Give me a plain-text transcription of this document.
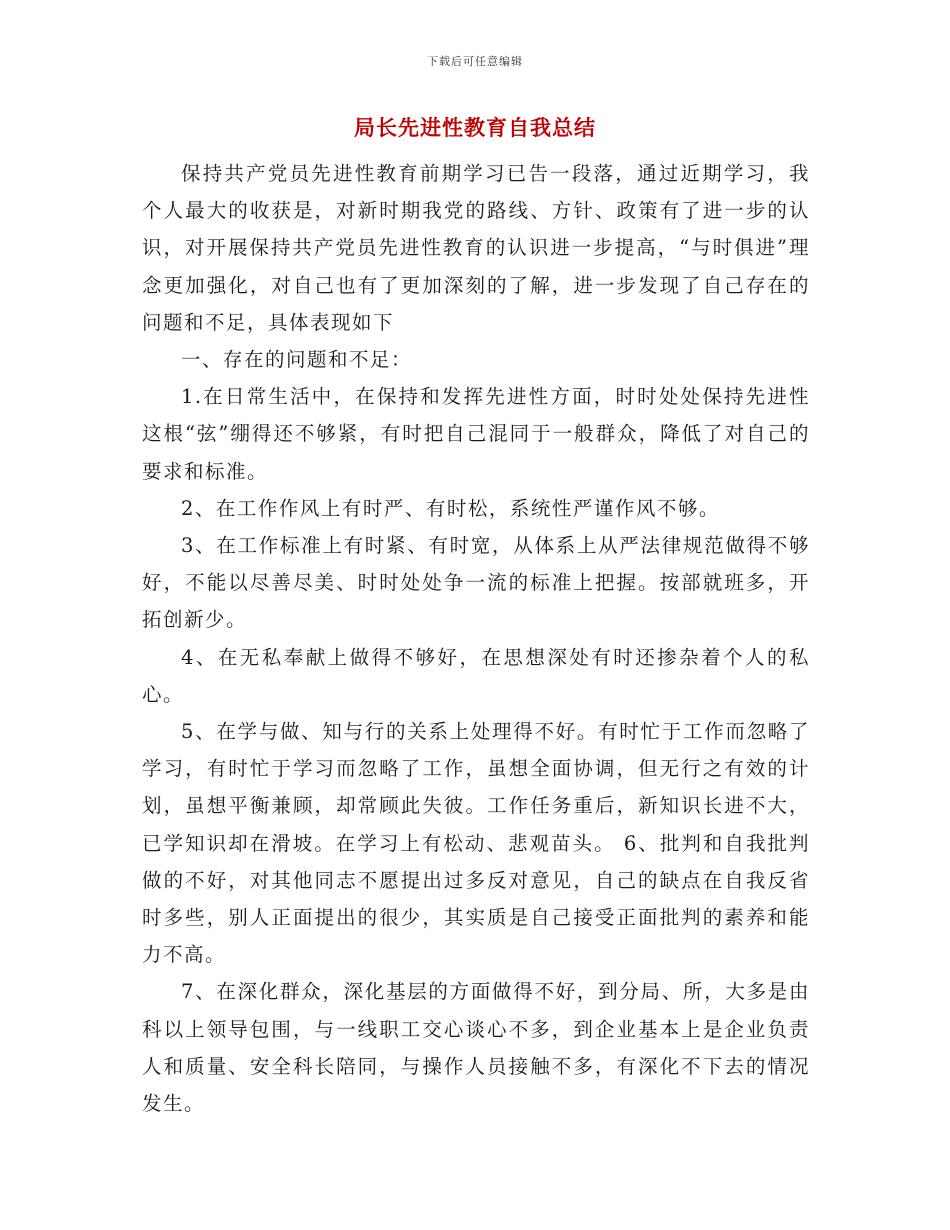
下载后可任意编辑
局长先进性教育自我总结

保持共产党员先进性教育前期学习已告一段落，通过近期学习，我个人最大的收获是，对新时期我党的路线、方针、政策有了进一步的认识，对开展保持共产党员先进性教育的认识进一步提高，“与时俱进”理念更加强化，对自己也有了更加深刻的了解，进一步发现了自己存在的问题和不足，具体表现如下

一、存在的问题和不足：

1.在日常生活中，在保持和发挥先进性方面，时时处处保持先进性这根“弦”绷得还不够紧，有时把自己混同于一般群众，降低了对自己的要求和标准。

2、在工作作风上有时严、有时松，系统性严谨作风不够。

3、在工作标准上有时紧、有时宽，从体系上从严法律规范做得不够好，不能以尽善尽美、时时处处争一流的标准上把握。按部就班多，开拓创新少。

4、在无私奉献上做得不够好，在思想深处有时还掺杂着个人的私心。

5、在学与做、知与行的关系上处理得不好。有时忙于工作而忽略了学习，有时忙于学习而忽略了工作，虽想全面协调，但无行之有效的计划，虽想平衡兼顾，却常顾此失彼。工作任务重后，新知识长进不大，已学知识却在滑坡。在学习上有松动、悲观苗头。 6、批判和自我批判做的不好，对其他同志不愿提出过多反对意见，自己的缺点在自我反省时多些，别人正面提出的很少，其实质是自己接受正面批判的素养和能力不高。

7、在深化群众，深化基层的方面做得不好，到分局、所，大多是由科以上领导包围，与一线职工交心谈心不多，到企业基本上是企业负责人和质量、安全科长陪同，与操作人员接触不多，有深化不下去的情况发生。
